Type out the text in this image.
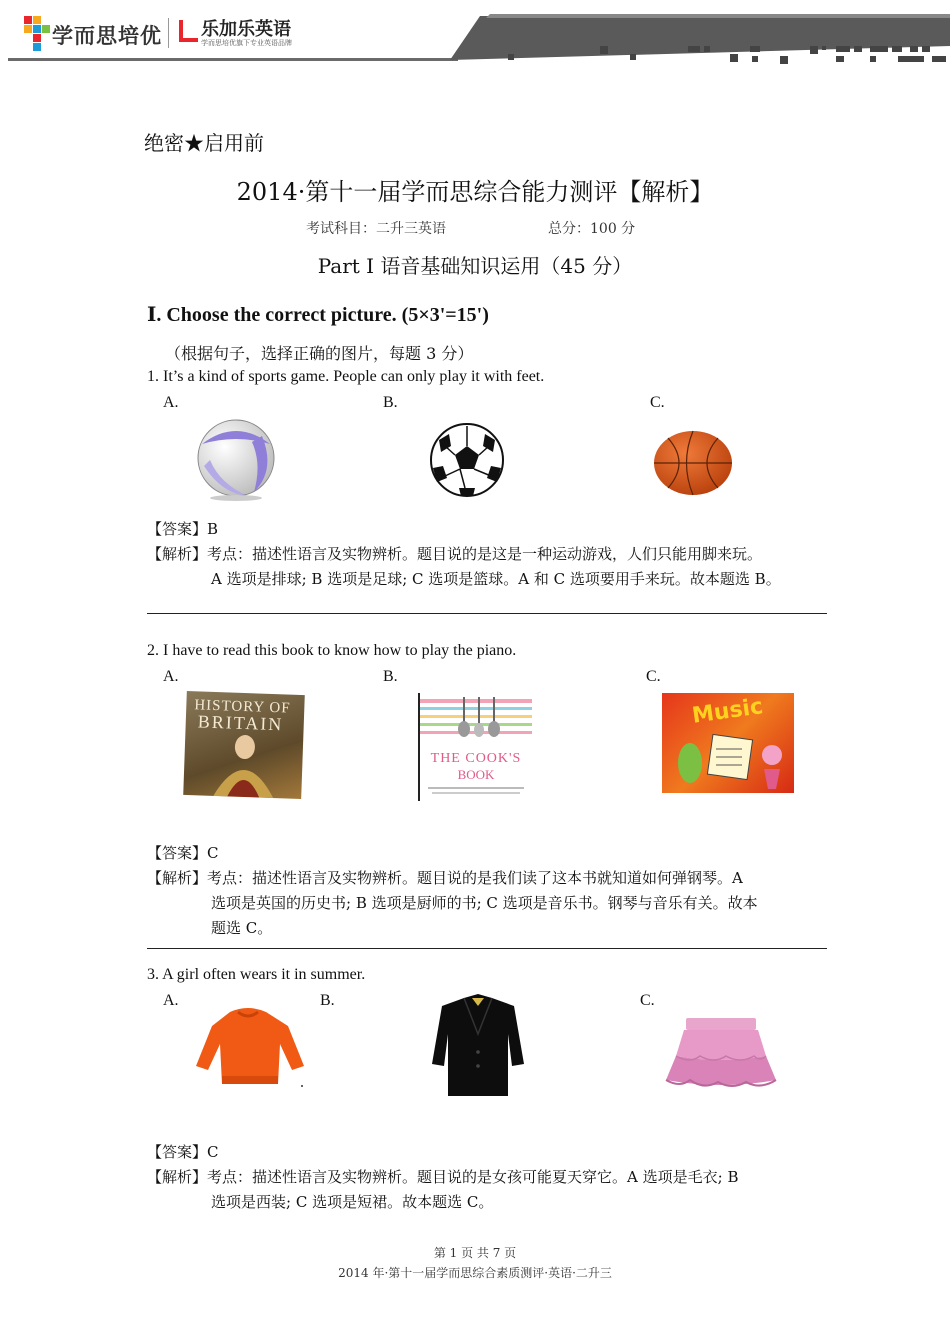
学而思培优 乐加乐英语
学而思培优旗下专业英语品牌
绝密★启用前
2014·第十一届学而思综合能力测评【解析】
考试科目：二升三英语	总分：100 分
Part Ⅰ 语音基础知识运用（45 分）
Ⅰ. Choose the correct picture. (5×3'=15')
（根据句子，选择正确的图片，每题 3 分）
1. It’s a kind of sports game. People can only play it with feet.
A.	B.	C.
【答案】B
【解析】考点：描述性语言及实物辨析。题目说的是这是一种运动游戏，人们只能用脚来玩。
A 选项是排球; B 选项是足球; C 选项是篮球。A 和 C 选项要用手来玩。故本题选 B。
2. I have to read this book to know how to play the piano.
A.	B.	C.
HISTORY OF
BRITAIN
THE COOK'S
BOOK
Music
【答案】C
【解析】考点：描述性语言及实物辨析。题目说的是我们读了这本书就知道如何弹钢琴。A
选项是英国的历史书; B 选项是厨师的书; C 选项是音乐书。钢琴与音乐有关。故本
题选 C。
3. A girl often wears it in summer.
A.	B.	C.
【答案】C
【解析】考点：描述性语言及实物辨析。题目说的是女孩可能夏天穿它。A 选项是毛衣; B
选项是西装; C 选项是短裙。故本题选 C。
第 1 页 共 7 页
2014 年·第十一届学而思综合素质测评·英语·二升三
